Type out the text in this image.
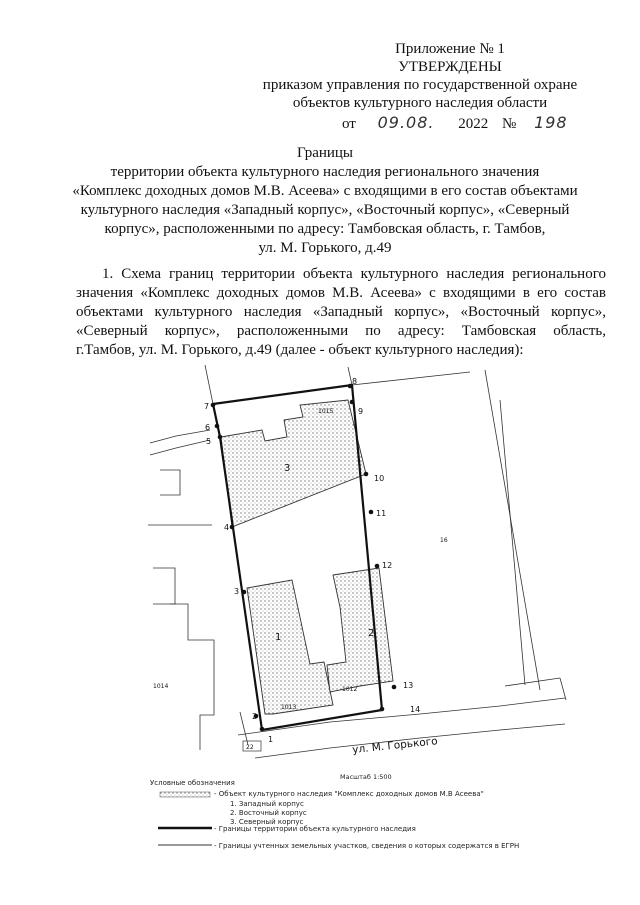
Приложение № 1
УТВЕРЖДЕНЫ
приказом управления по государственной охране
объектов культурного наследия области
от 09.08. 2022 № 198
Границы
территории объекта культурного наследия регионального значения
«Комплекс доходных домов М.В. Асеева» с входящими в его состав объектами
культурного наследия «Западный корпус», «Восточный корпус», «Северный
корпус», расположенными по адресу: Тамбовская область, г. Тамбов,
ул. М. Горького, д.49
1. Схема границ территории объекта культурного наследия регионального
значения «Комплекс доходных домов М.В. Асеева» с входящими в его состав
объектами культурного наследия «Западный корпус», «Восточный корпус»,
«Северный корпус», расположенными по адресу: Тамбовская область,
г.Тамбов, ул. М. Горького, д.49 (далее - объект культурного наследия):
1
2
3
4
5
6
7
8
9
10
11
12
13
14
1	2
3
1013
1012
1015
1014
22
16
ул. М. Горького
Масштаб 1:500
Условные обозначения
- Объект культурного наследия "Комплекс доходных домов М.В Асеева"
1. Западный корпус
2. Восточный корпус
3. Северный корпус
- Границы территории объекта культурного наследия
- Границы учтенных земельных участков, сведения о которых содержатся в ЕГРН
